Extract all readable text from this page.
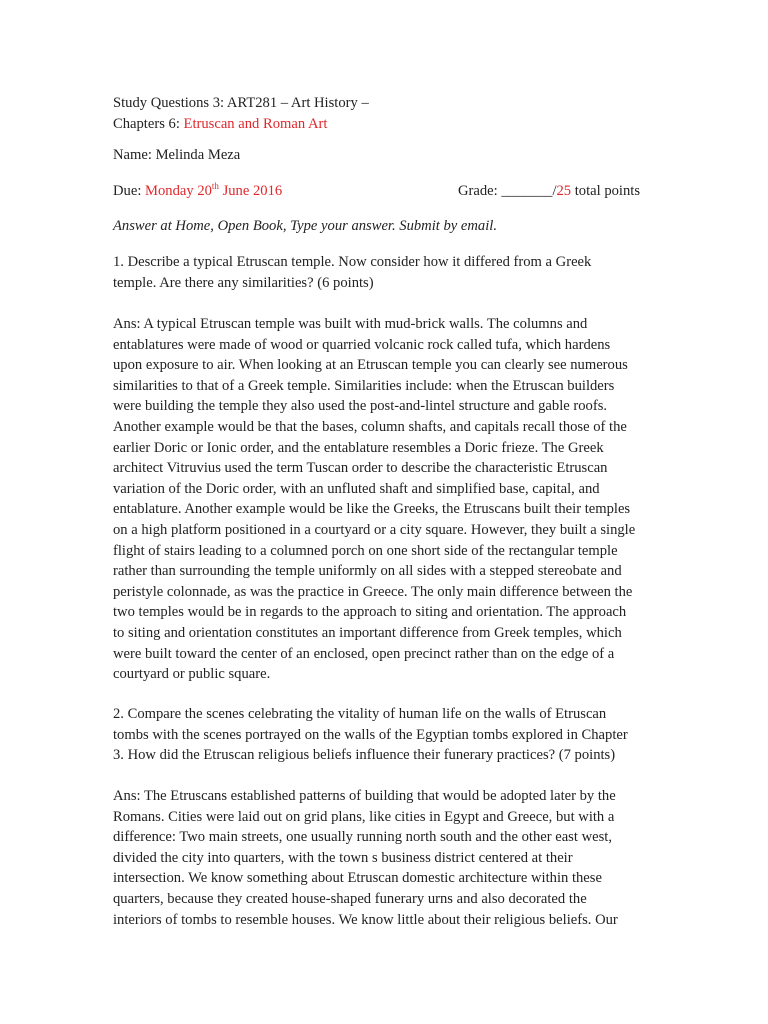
Study Questions 3: ART281 – Art History –
Chapters 6: Etruscan and Roman Art
Name: Melinda Meza
Due: Monday 20th June 2016	Grade: _______/25 total points
Answer at Home, Open Book, Type your answer. Submit by email.
1. Describe a typical Etruscan temple. Now consider how it differed from a Greek
temple. Are there any similarities? (6 points)
Ans: A typical Etruscan temple was built with mud-brick walls. The columns and
entablatures were made of wood or quarried volcanic rock called tufa, which hardens
upon exposure to air. When looking at an Etruscan temple you can clearly see numerous
similarities to that of a Greek temple. Similarities include: when the Etruscan builders
were building the temple they also used the post-and-lintel structure and gable roofs.
Another example would be that the bases, column shafts, and capitals recall those of the
earlier Doric or Ionic order, and the entablature resembles a Doric frieze. The Greek
architect Vitruvius used the term Tuscan order to describe the characteristic Etruscan
variation of the Doric order, with an unfluted shaft and simplified base, capital, and
entablature. Another example would be like the Greeks, the Etruscans built their temples
on a high platform positioned in a courtyard or a city square. However, they built a single
flight of stairs leading to a columned porch on one short side of the rectangular temple
rather than surrounding the temple uniformly on all sides with a stepped stereobate and
peristyle colonnade, as was the practice in Greece. The only main difference between the
two temples would be in regards to the approach to siting and orientation. The approach
to siting and orientation constitutes an important difference from Greek temples, which
were built toward the center of an enclosed, open precinct rather than on the edge of a
courtyard or public square.
2. Compare the scenes celebrating the vitality of human life on the walls of Etruscan
tombs with the scenes portrayed on the walls of the Egyptian tombs explored in Chapter
3. How did the Etruscan religious beliefs influence their funerary practices? (7 points)
Ans: The Etruscans established patterns of building that would be adopted later by the
Romans. Cities were laid out on grid plans, like cities in Egypt and Greece, but with a
difference: Two main streets, one usually running north south and the other east west,
divided the city into quarters, with the town s business district centered at their
intersection. We know something about Etruscan domestic architecture within these
quarters, because they created house-shaped funerary urns and also decorated the
interiors of tombs to resemble houses. We know little about their religious beliefs. Our
